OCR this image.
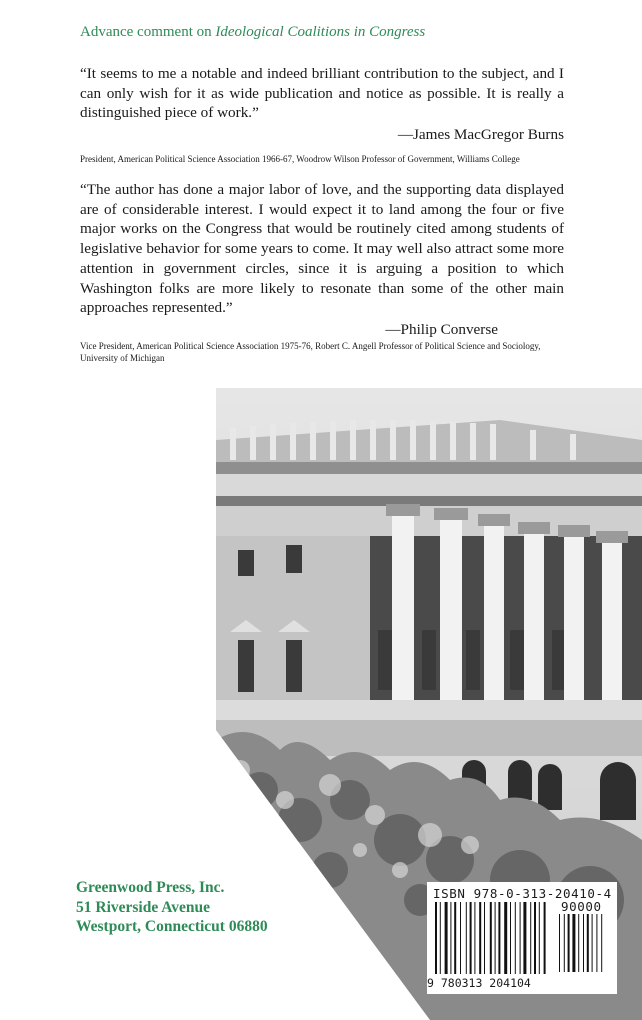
Advance comment on Ideological Coalitions in Congress

“It seems to me a notable and indeed brilliant contribution to the subject, and I can only wish for it as wide publication and notice as possible. It is really a distinguished piece of work.”

—James MacGregor Burns

President, American Political Science Association 1966-67, Woodrow Wilson Professor of Government, Williams College

“The author has done a major labor of love, and the supporting data displayed are of considerable interest. I would expect it to land among the four or five major works on the Congress that would be routinely cited among students of legislative behavior for some years to come. It may well also attract some more attention in government circles, since it is arguing a position to which Washington folks are more likely to resonate than some of the other main approaches represented.”

—Philip Converse

Vice President, American Political Science Association 1975-76, Robert C. Angell Professor of Political Science and Sociology, University of Michigan

Greenwood Press, Inc.
51 Riverside Avenue
Westport, Connecticut 06880
ISBN 978-0-313-20410-4
90000
9 780313 204104
